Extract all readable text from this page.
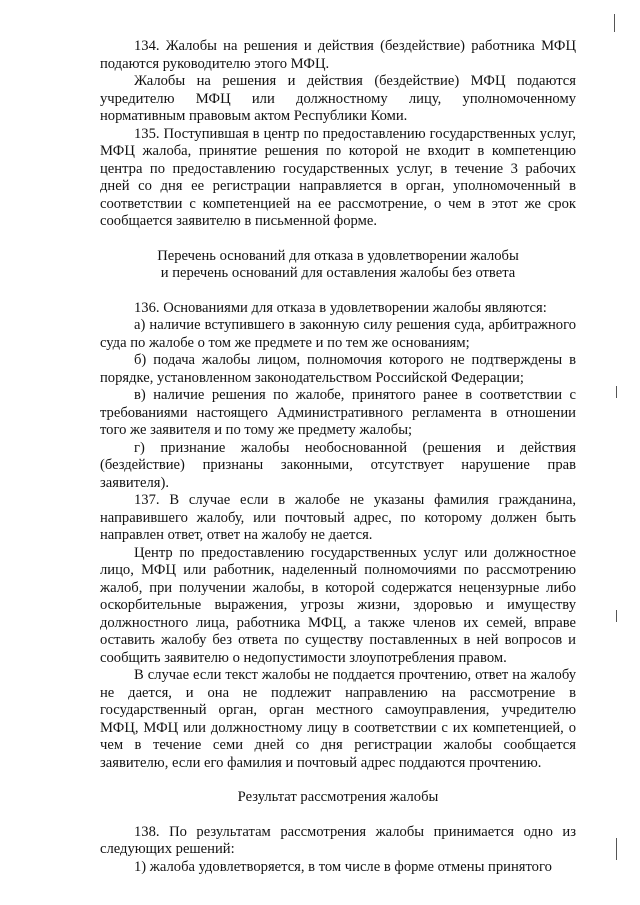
134. Жалобы на решения и действия (бездействие) работника МФЦ подаются руководителю этого МФЦ.

Жалобы на решения и действия (бездействие) МФЦ подаются учредителю МФЦ или должностному лицу, уполномоченному нормативным правовым актом Республики Коми.

135. Поступившая в центр по предоставлению государственных услуг, МФЦ жалоба, принятие решения по которой не входит в компетенцию центра по предоставлению государственных услуг, в течение 3 рабочих дней со дня ее регистрации направляется в орган, уполномоченный в соответствии с компетенцией на ее рассмотрение, о чем в этот же срок сообщается заявителю в письменной форме.

Перечень оснований для отказа в удовлетворении жалобы

и перечень оснований для оставления жалобы без ответа

136. Основаниями для отказа в удовлетворении жалобы являются:

а) наличие вступившего в законную силу решения суда, арбитражного суда по жалобе о том же предмете и по тем же основаниям;

б) подача жалобы лицом, полномочия которого не подтверждены в порядке, установленном законодательством Российской Федерации;

в) наличие решения по жалобе, принятого ранее в соответствии с требованиями настоящего Административного регламента в отношении того же заявителя и по тому же предмету жалобы;

г) признание жалобы необоснованной (решения и действия (бездействие) признаны законными, отсутствует нарушение прав заявителя).

137. В случае если в жалобе не указаны фамилия гражданина, направившего жалобу, или почтовый адрес, по которому должен быть направлен ответ, ответ на жалобу не дается.

Центр по предоставлению государственных услуг или должностное лицо, МФЦ или работник, наделенный полномочиями по рассмотрению жалоб, при получении жалобы, в которой содержатся нецензурные либо оскорбительные выражения, угрозы жизни, здоровью и имуществу должностного лица, работника МФЦ, а также членов их семей, вправе оставить жалобу без ответа по существу поставленных в ней вопросов и сообщить заявителю о недопустимости злоупотребления правом.

В случае если текст жалобы не поддается прочтению, ответ на жалобу не дается, и она не подлежит направлению на рассмотрение в государственный орган, орган местного самоуправления, учредителю МФЦ, МФЦ или должностному лицу в соответствии с их компетенцией, о чем в течение семи дней со дня регистрации жалобы сообщается заявителю, если его фамилия и почтовый адрес поддаются прочтению.

Результат рассмотрения жалобы

138. По результатам рассмотрения жалобы принимается одно из следующих решений:

1) жалоба удовлетворяется, в том числе в форме отмены принятого
